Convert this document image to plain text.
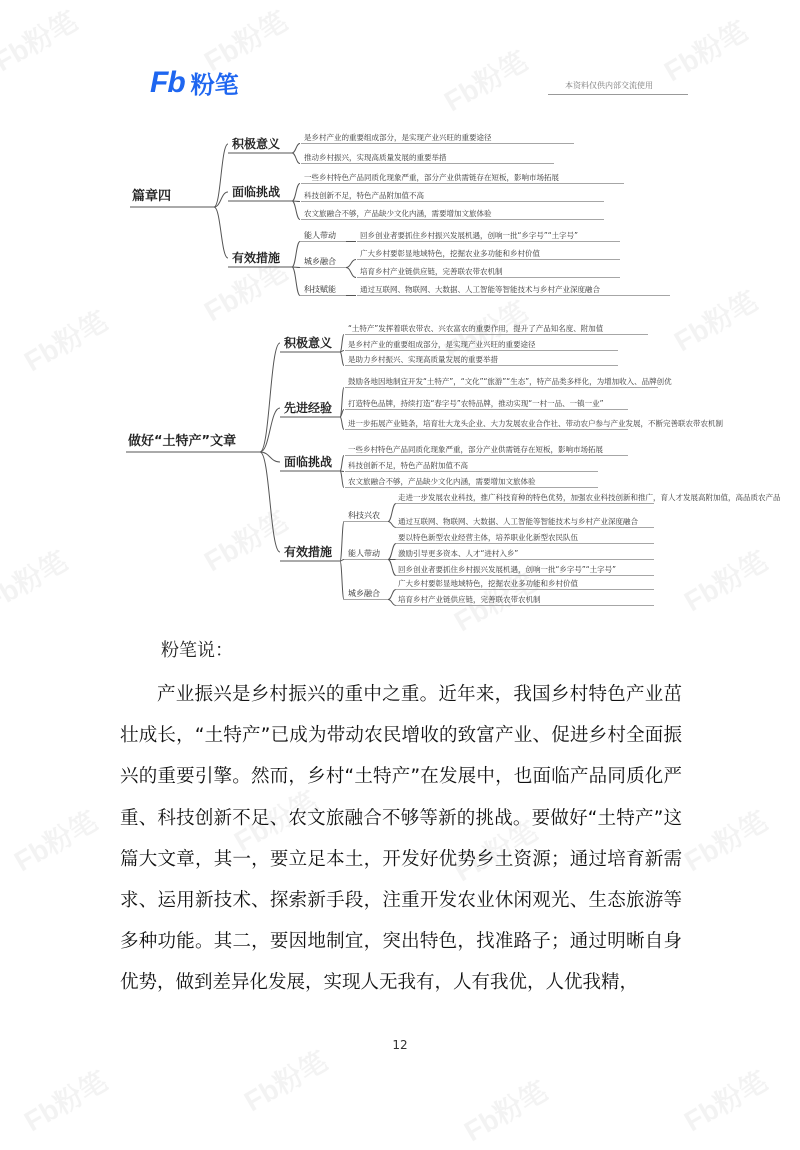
Fb 粉笔	本资料仅供内部交流使用
篇章四
积极意义	是乡村产业的重要组成部分，是实现产业兴旺的重要途径
推动乡村振兴，实现高质量发展的重要举措
面临挑战
一些乡村特色产品同质化现象严重，部分产业供需链存在短板，影响市场拓展
科技创新不足，特色产品附加值不高
农文旅融合不够，产品缺少文化内涵，需要增加文旅体验
有效措施
能人带动	回乡创业者要抓住乡村振兴发展机遇，创响一批“乡字号”“土字号”
城乡融合
广大乡村要彰显地域特色，挖掘农业多功能和乡村价值
培育乡村产业链供应链，完善联农带农机制
科技赋能	通过互联网、物联网、大数据、人工智能等智能技术与乡村产业深度融合
做好“土特产”文章
积极意义
“土特产”发挥着联农带农、兴农富农的重要作用，提升了产品知名度、附加值
是乡村产业的重要组成部分，是实现产业兴旺的重要途径
是助力乡村振兴、实现高质量发展的重要举措
先进经验
鼓励各地因地制宜开发“土特产”，“文化”“旅游”“生态”，特产品类多样化，为增加收入、品牌创优
打造特色品牌，持续打造“春字号”农特品牌，推动实现“一村一品、一镇一业”
进一步拓展产业链条，培育壮大龙头企业、大力发展农业合作社、带动农户参与产业发展，不断完善联农带农机制
面临挑战
一些乡村特色产品同质化现象严重，部分产业供需链存在短板，影响市场拓展
科技创新不足，特色产品附加值不高
农文旅融合不够，产品缺少文化内涵，需要增加文旅体验
有效措施
科技兴农
走进一步发展农业科技，推广科技育种的特色优势，加强农业科技创新和推广，育人才发展高附加值，高品质农产品
通过互联网、物联网、大数据、人工智能等智能技术与乡村产业深度融合
能人带动
要以特色新型农业经营主体，培养职业化新型农民队伍
激励引导更多资本、人才“进村入乡”
回乡创业者要抓住乡村振兴发展机遇，创响一批“乡字号”“土字号”
城乡融合
广大乡村要彰显地域特色，挖掘农业多功能和乡村价值
培育乡村产业链供应链，完善联农带农机制
粉笔说：

产业振兴是乡村振兴的重中之重。近年来，我国乡村特色产业茁壮成长，“土特产”已成为带动农民增收的致富产业、促进乡村全面振兴的重要引擎。然而，乡村“土特产”在发展中，也面临产品同质化严重、科技创新不足、农文旅融合不够等新的挑战。要做好“土特产”这篇大文章，其一，要立足本土，开发好优势乡土资源；通过培育新需求、运用新技术、探索新手段，注重开发农业休闲观光、生态旅游等多种功能。其二，要因地制宜，突出特色，找准路子；通过明晰自身优势，做到差异化发展，实现人无我有，人有我优，人优我精，

12
